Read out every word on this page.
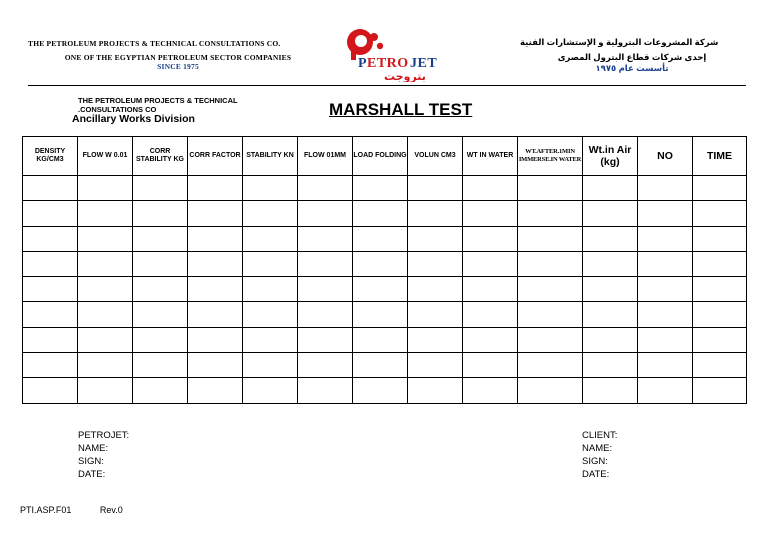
THE PETROLEUM PROJECTS & TECHNICAL CONSULTATIONS CO.
ONE OF THE EGYPTIAN PETROLEUM SECTOR COMPANIES
SINCE 1975	P ETRO JET
بتروجت
شركة المشروعات البترولية و الإستشارات الفنية
إحدى شركات قطاع البترول المصرى
تأسست عام ١٩٧٥
THE PETROLEUM PROJECTS & TECHNICAL
.CONSULTATIONS CO
Ancillary Works Division	MARSHALL TEST
DENSITY KG/CM3	FLOW W 0.01	CORR STABILITY KG	CORR FACTOR	STABILITY KN	FLOW 01MM	LOAD FOLDING	VOLUN CM3	WT IN WATER	WT.AFTER.1MIN IMMERSE.IN WATER	Wt.in Air (kg)	NO	TIME

PETROJET:
NAME:
SIGN:
DATE:
CLIENT:
NAME:
SIGN:
DATE:
PTI.ASP.F01	Rev.0
